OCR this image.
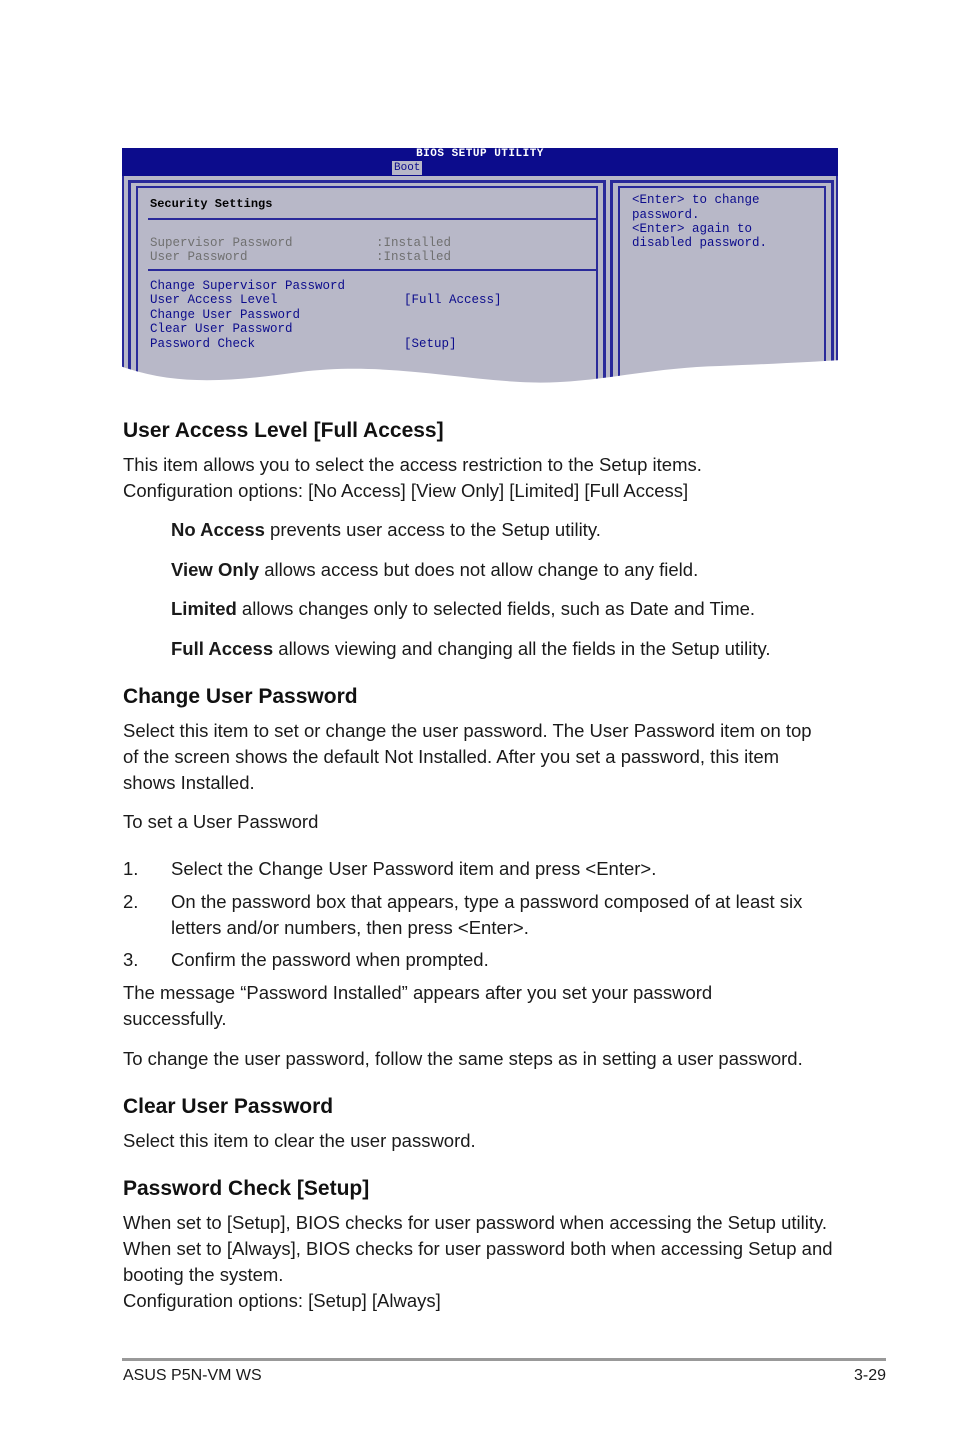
BIOS SETUP UTILITY
Boot
Security Settings
Supervisor Password	:Installed
User Password	:Installed
Change Supervisor Password
User Access Level	[Full Access]
Change User Password
Clear User Password
Password Check	[Setup]
<Enter> to change
password.
<Enter> again to
disabled password.
User Access Level [Full Access]
This item allows you to select the access restriction to the Setup items.
Configuration options: [No Access] [View Only] [Limited] [Full Access]
No Access prevents user access to the Setup utility.
View Only allows access but does not allow change to any field.
Limited allows changes only to selected fields, such as Date and Time.
Full Access allows viewing and changing all the fields in the Setup utility.
Change User Password
Select this item to set or change the user password. The User Password item on top of the screen shows the default Not Installed. After you set a password, this item shows Installed.
To set a User Password
1. Select the Change User Password item and press <Enter>.
2. On the password box that appears, type a password composed of at least six letters and/or numbers, then press <Enter>.
3. Confirm the password when prompted.
The message “Password Installed” appears after you set your password successfully.
To change the user password, follow the same steps as in setting a user password.
Clear User Password
Select this item to clear the user password.
Password Check [Setup]
When set to [Setup], BIOS checks for user password when accessing the Setup utility. When set to [Always], BIOS checks for user password both when accessing Setup and booting the system.
Configuration options: [Setup] [Always]
ASUS P5N-VM WS	3-29
